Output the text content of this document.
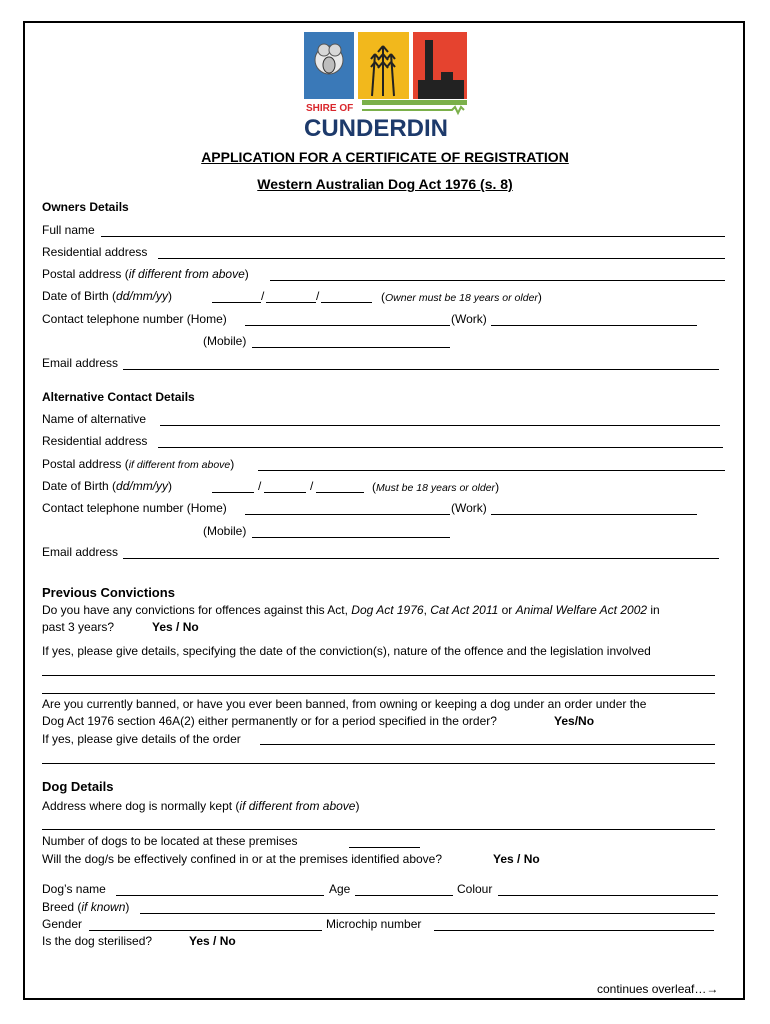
SHIRE OF
CUNDERDIN
APPLICATION FOR A CERTIFICATE OF REGISTRATION
Western Australian Dog Act 1976 (s. 8)
Owners Details
Full name
Residential address
Postal address (if different from above)
Date of Birth (dd/mm/yy)	/	/	(Owner must be 18 years or older)
Contact telephone number (Home)	(Work)
(Mobile)
Email address
Alternative Contact Details
Name of alternative
Residential address
Postal address (if different from above)
Date of Birth (dd/mm/yy)	/	/	(Must be 18 years or older)
Contact telephone number (Home)	(Work)
(Mobile)
Email address
Previous Convictions
Do you have any convictions for offences against this Act, Dog Act 1976, Cat Act 2011 or Animal Welfare Act 2002 in
past 3 years?	Yes / No
If yes, please give details, specifying the date of the conviction(s), nature of the offence and the legislation involved
Are you currently banned, or have you ever been banned, from owning or keeping a dog under an order under the
Dog Act 1976 section 46A(2) either permanently or for a period specified in the order?	Yes/No
If yes, please give details of the order
Dog Details
Address where dog is normally kept (if different from above)
Number of dogs to be located at these premises
Will the dog/s be effectively confined in or at the premises identified above?	Yes / No
Dog’s name	Age	Colour
Breed (if known)
Gender	Microchip number
Is the dog sterilised?	Yes / No
continues overleaf…→
